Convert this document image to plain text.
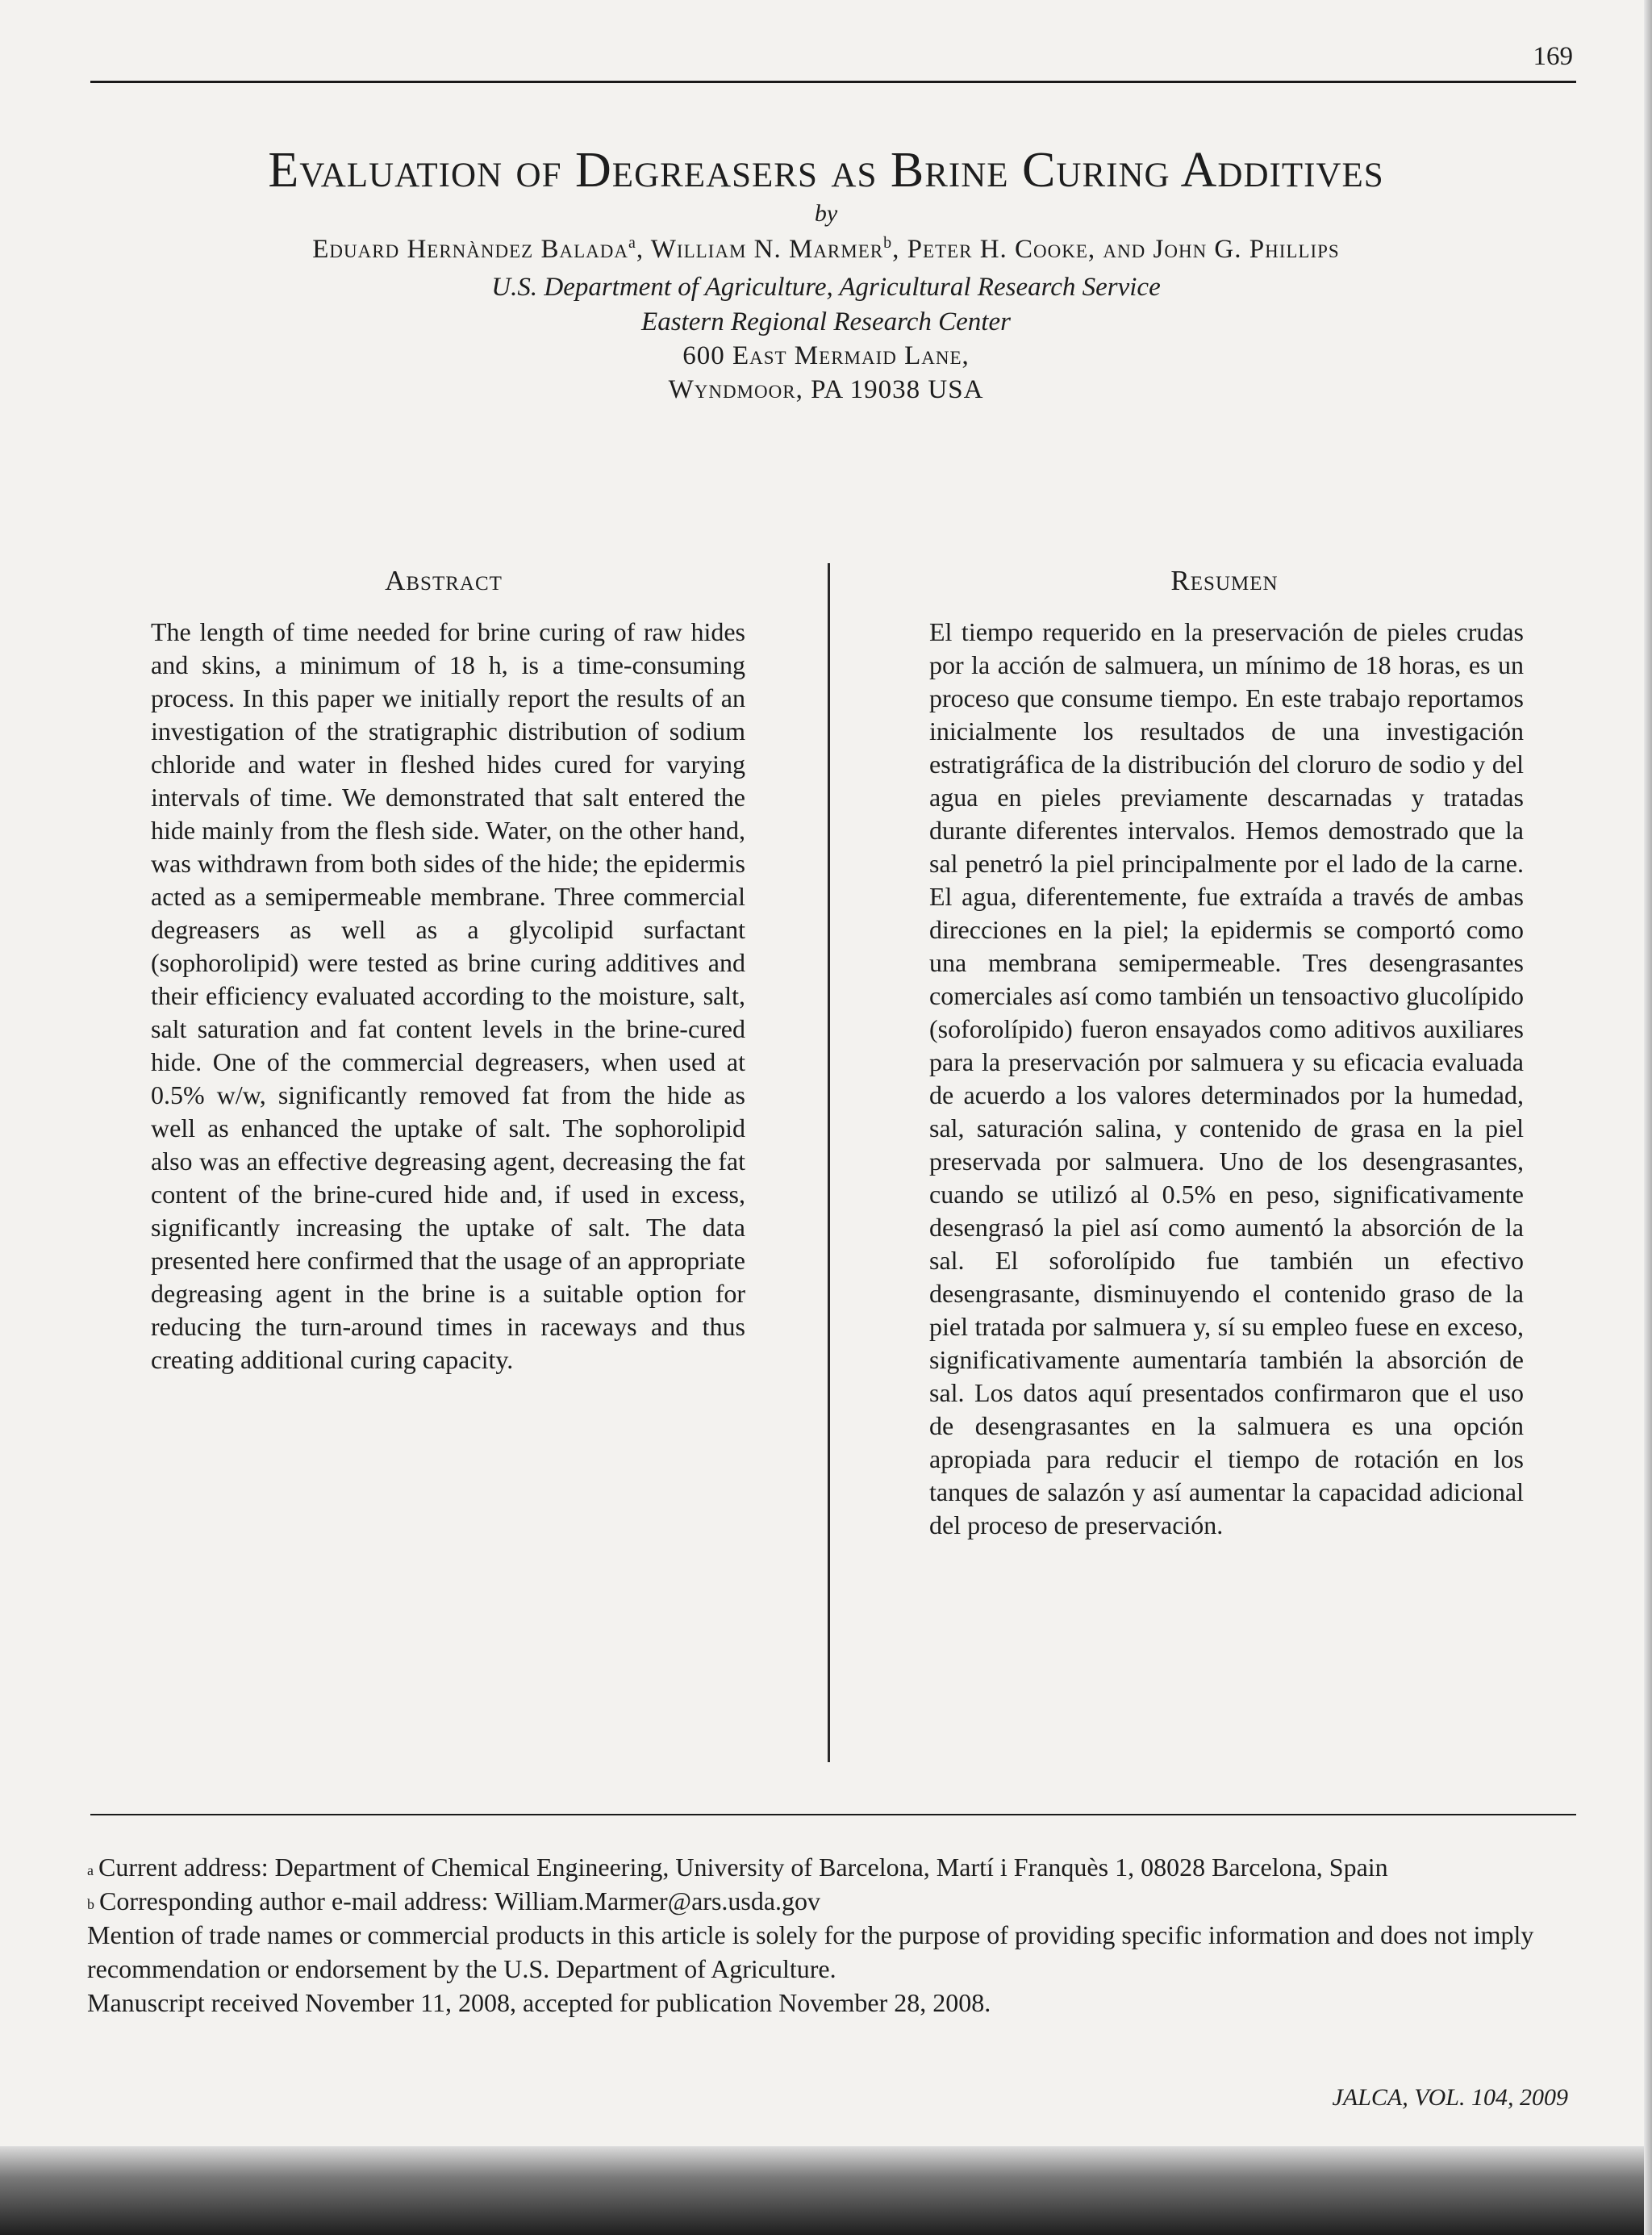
169
Evaluation of Degreasers as Brine Curing Additives
by
Eduard Hernàndez Balada$^a$, William N. Marmer$^b$, Peter H. Cooke, and John G. Phillips
U.S. Department of Agriculture, Agricultural Research Service
Eastern Regional Research Center
600 East Mermaid Lane,
Wyndmoor, PA 19038 USA
Abstract	Resumen

The length of time needed for brine curing of raw hides and skins, a minimum of 18 h, is a time-consuming process. In this paper we initially report the results of an investigation of the stratigraphic distribution of sodium chloride and water in fleshed hides cured for varying intervals of time. We demonstrated that salt entered the hide mainly from the flesh side. Water, on the other hand, was withdrawn from both sides of the hide; the epidermis acted as a semipermeable membrane. Three commercial degreasers as well as a glycolipid surfactant (sophorolipid) were tested as brine curing additives and their efficiency evaluated according to the moisture, salt, salt saturation and fat content levels in the brine-cured hide. One of the commercial degreasers, when used at 0.5% w/w, significantly removed fat from the hide as well as enhanced the uptake of salt. The sophorolipid also was an effective degreasing agent, decreasing the fat content of the brine-cured hide and, if used in excess, significantly increasing the uptake of salt. The data presented here confirmed that the usage of an appropriate degreasing agent in the brine is a suitable option for reducing the turn-around times in raceways and thus creating additional curing capacity.

El tiempo requerido en la preservación de pieles crudas por la acción de salmuera, un mínimo de 18 horas, es un proceso que consume tiempo. En este trabajo reportamos inicialmente los resultados de una investigación estratigráfica de la distribución del cloruro de sodio y del agua en pieles previamente descarnadas y tratadas durante diferentes intervalos. Hemos demostrado que la sal penetró la piel principalmente por el lado de la carne. El agua, diferentemente, fue extraída a través de ambas direcciones en la piel; la epidermis se comportó como una membrana semipermeable. Tres desengrasantes comerciales así como también un tensoactivo glucolípido (soforolípido) fueron ensayados como aditivos auxiliares para la preservación por salmuera y su eficacia evaluada de acuerdo a los valores determinados por la humedad, sal, saturación salina, y contenido de grasa en la piel preservada por salmuera. Uno de los desengrasantes, cuando se utilizó al 0.5% en peso, significativamente desengrasó la piel así como aumentó la absorción de la sal. El soforolípido fue también un efectivo desengrasante, disminuyendo el contenido graso de la piel tratada por salmuera y, sí su empleo fuese en exceso, significativamente aumentaría también la absorción de sal. Los datos aquí presentados confirmaron que el uso de desengrasantes en la salmuera es una opción apropiada para reducir el tiempo de rotación en los tanques de salazón y así aumentar la capacidad adicional del proceso de preservación.

$^a$ Current address: Department of Chemical Engineering, University of Barcelona, Martí i Franquès 1, 08028 Barcelona, Spain
$^b$ Corresponding author e-mail address: William.Marmer@ars.usda.gov
Mention of trade names or commercial products in this article is solely for the purpose of providing specific information and does not imply recommendation or endorsement by the U.S. Department of Agriculture.
Manuscript received November 11, 2008, accepted for publication November 28, 2008.
JALCA, VOL. 104, 2009
